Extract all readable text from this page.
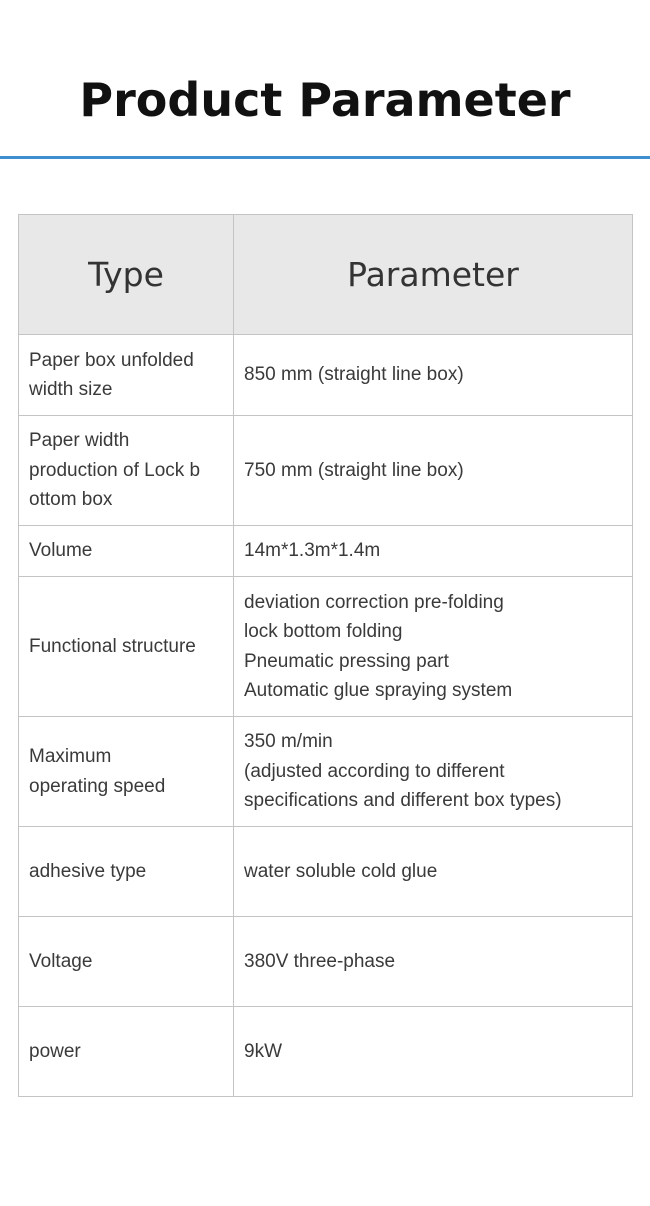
Product Parameter
Type	Parameter

Paper box unfolded
width size	850 mm (straight line box)

Paper width
production of Lock b
ottom box	750 mm (straight line box)

Volume	14m*1.3m*1.4m

Functional structure	deviation correction pre-folding
lock bottom folding
Pneumatic pressing part
Automatic glue spraying system

Maximum
operating speed	350 m/min
(adjusted according to different
specifications and different box types)

adhesive type	water soluble cold glue

Voltage	380V three-phase

power	9kW
